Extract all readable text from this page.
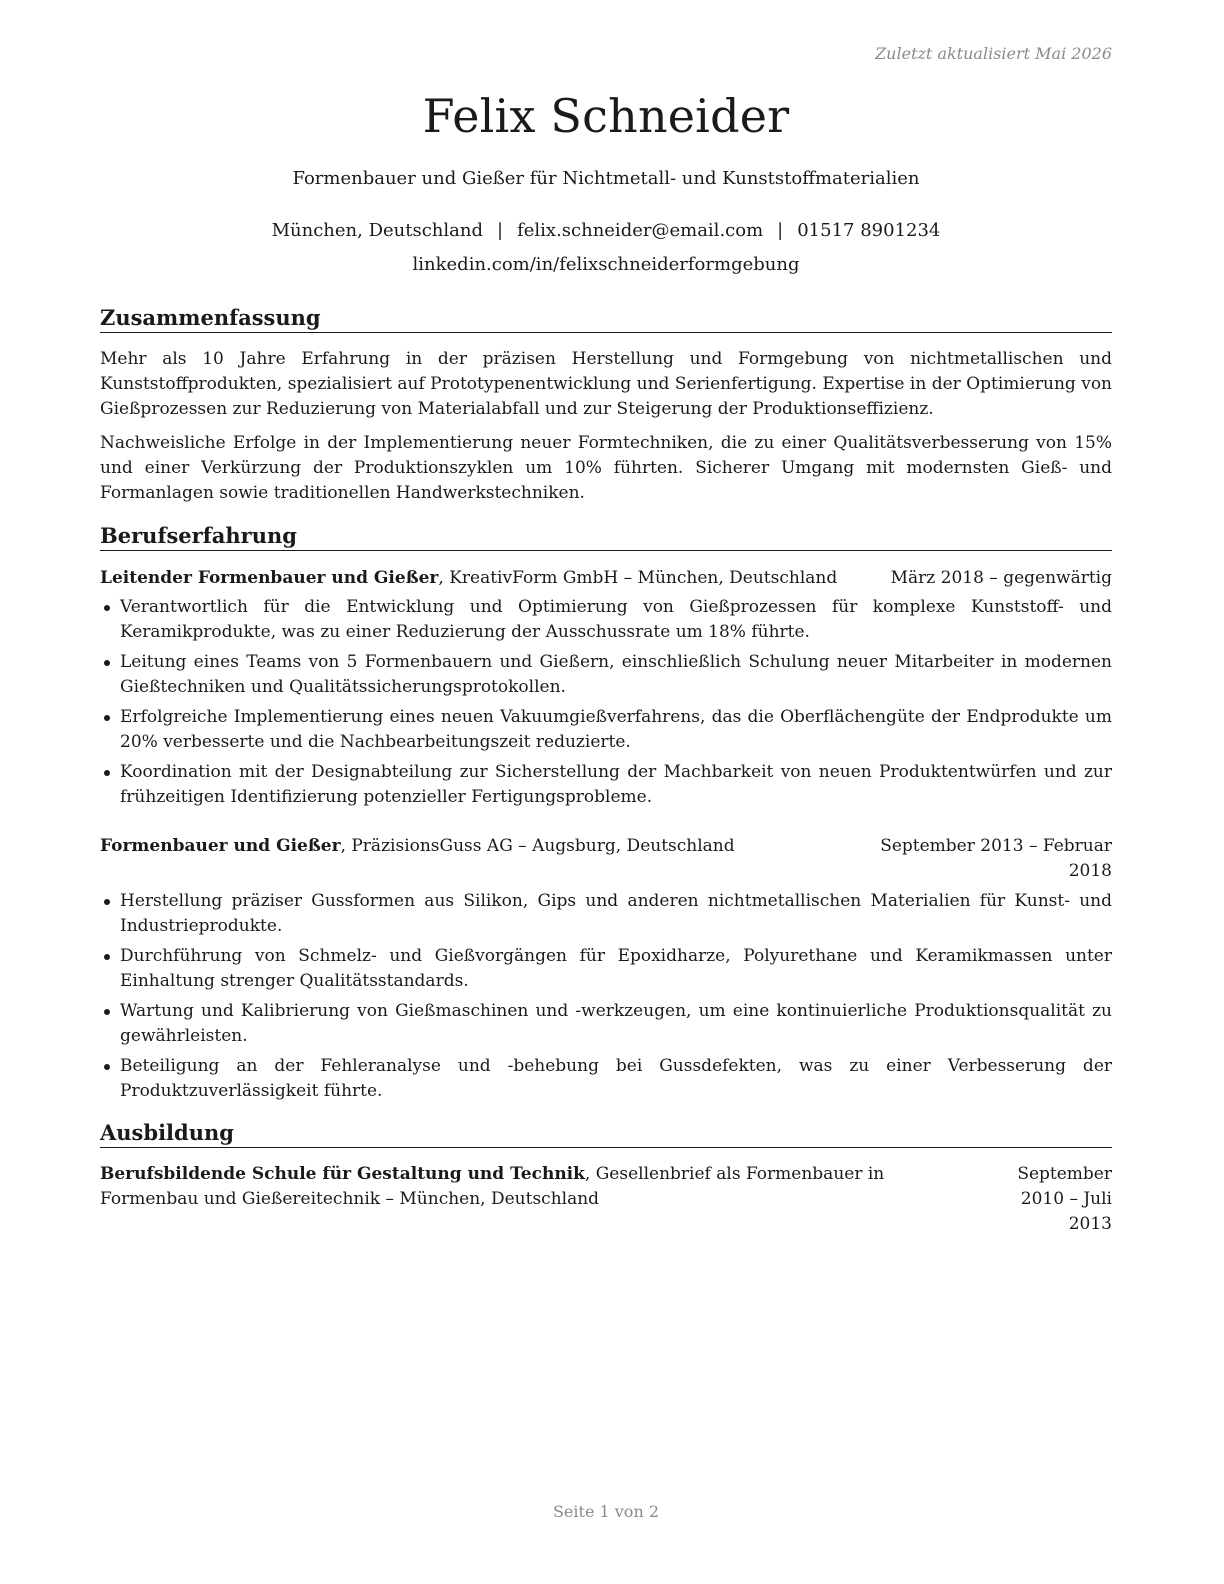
Zuletzt aktualisiert Mai 2026
Felix Schneider
Formenbauer und Gießer für Nichtmetall- und Kunststoffmaterialien
München, Deutschland | felix.schneider@email.com | 01517 8901234
linkedin.com/in/felixschneiderformgebung
Zusammenfassung

Mehr als 10 Jahre Erfahrung in der präzisen Herstellung und Formgebung von nichtmetallischen und Kunststoffprodukten, spezialisiert auf Prototypenentwicklung und Serienfertigung. Expertise in der Optimierung von Gießprozessen zur Reduzierung von Materialabfall und zur Steigerung der Produktionseffizienz.

Nachweisliche Erfolge in der Implementierung neuer Formtechniken, die zu einer Qualitätsverbesserung von 15% und einer Verkürzung der Produktionszyklen um 10% führten. Sicherer Umgang mit modernsten Gieß- und Formanlagen sowie traditionellen Handwerkstechniken.

Berufserfahrung
Leitender Formenbauer und Gießer, KreativForm GmbH – München, Deutschland	März 2018 – gegenwärtig
Verantwortlich für die Entwicklung und Optimierung von Gießprozessen für komplexe Kunststoff- und Keramikprodukte, was zu einer Reduzierung der Ausschussrate um 18% führte.
Leitung eines Teams von 5 Formenbauern und Gießern, einschließlich Schulung neuer Mitarbeiter in modernen Gießtechniken und Qualitätssicherungsprotokollen.
Erfolgreiche Implementierung eines neuen Vakuumgießverfahrens, das die Oberflächengüte der Endprodukte um 20% verbesserte und die Nachbearbeitungszeit reduzierte.
Koordination mit der Designabteilung zur Sicherstellung der Machbarkeit von neuen Produktentwürfen und zur frühzeitigen Identifizierung potenzieller Fertigungsprobleme.
Formenbauer und Gießer, PräzisionsGuss AG – Augsburg, Deutschland	September 2013 – Februar 2018
Herstellung präziser Gussformen aus Silikon, Gips und anderen nichtmetallischen Materialien für Kunst- und Industrieprodukte.
Durchführung von Schmelz- und Gießvorgängen für Epoxidharze, Polyurethane und Keramikmassen unter Einhaltung strenger Qualitätsstandards.
Wartung und Kalibrierung von Gießmaschinen und -werkzeugen, um eine kontinuierliche Produktionsqualität zu gewährleisten.
Beteiligung an der Fehleranalyse und -behebung bei Gussdefekten, was zu einer Verbesserung der Produktzuverlässigkeit führte.
Ausbildung
Berufsbildende Schule für Gestaltung und Technik, Gesellenbrief als Formenbauer in Formenbau und Gießereitechnik – München, Deutschland
September 2010 – Juli 2013
Seite 1 von 2
